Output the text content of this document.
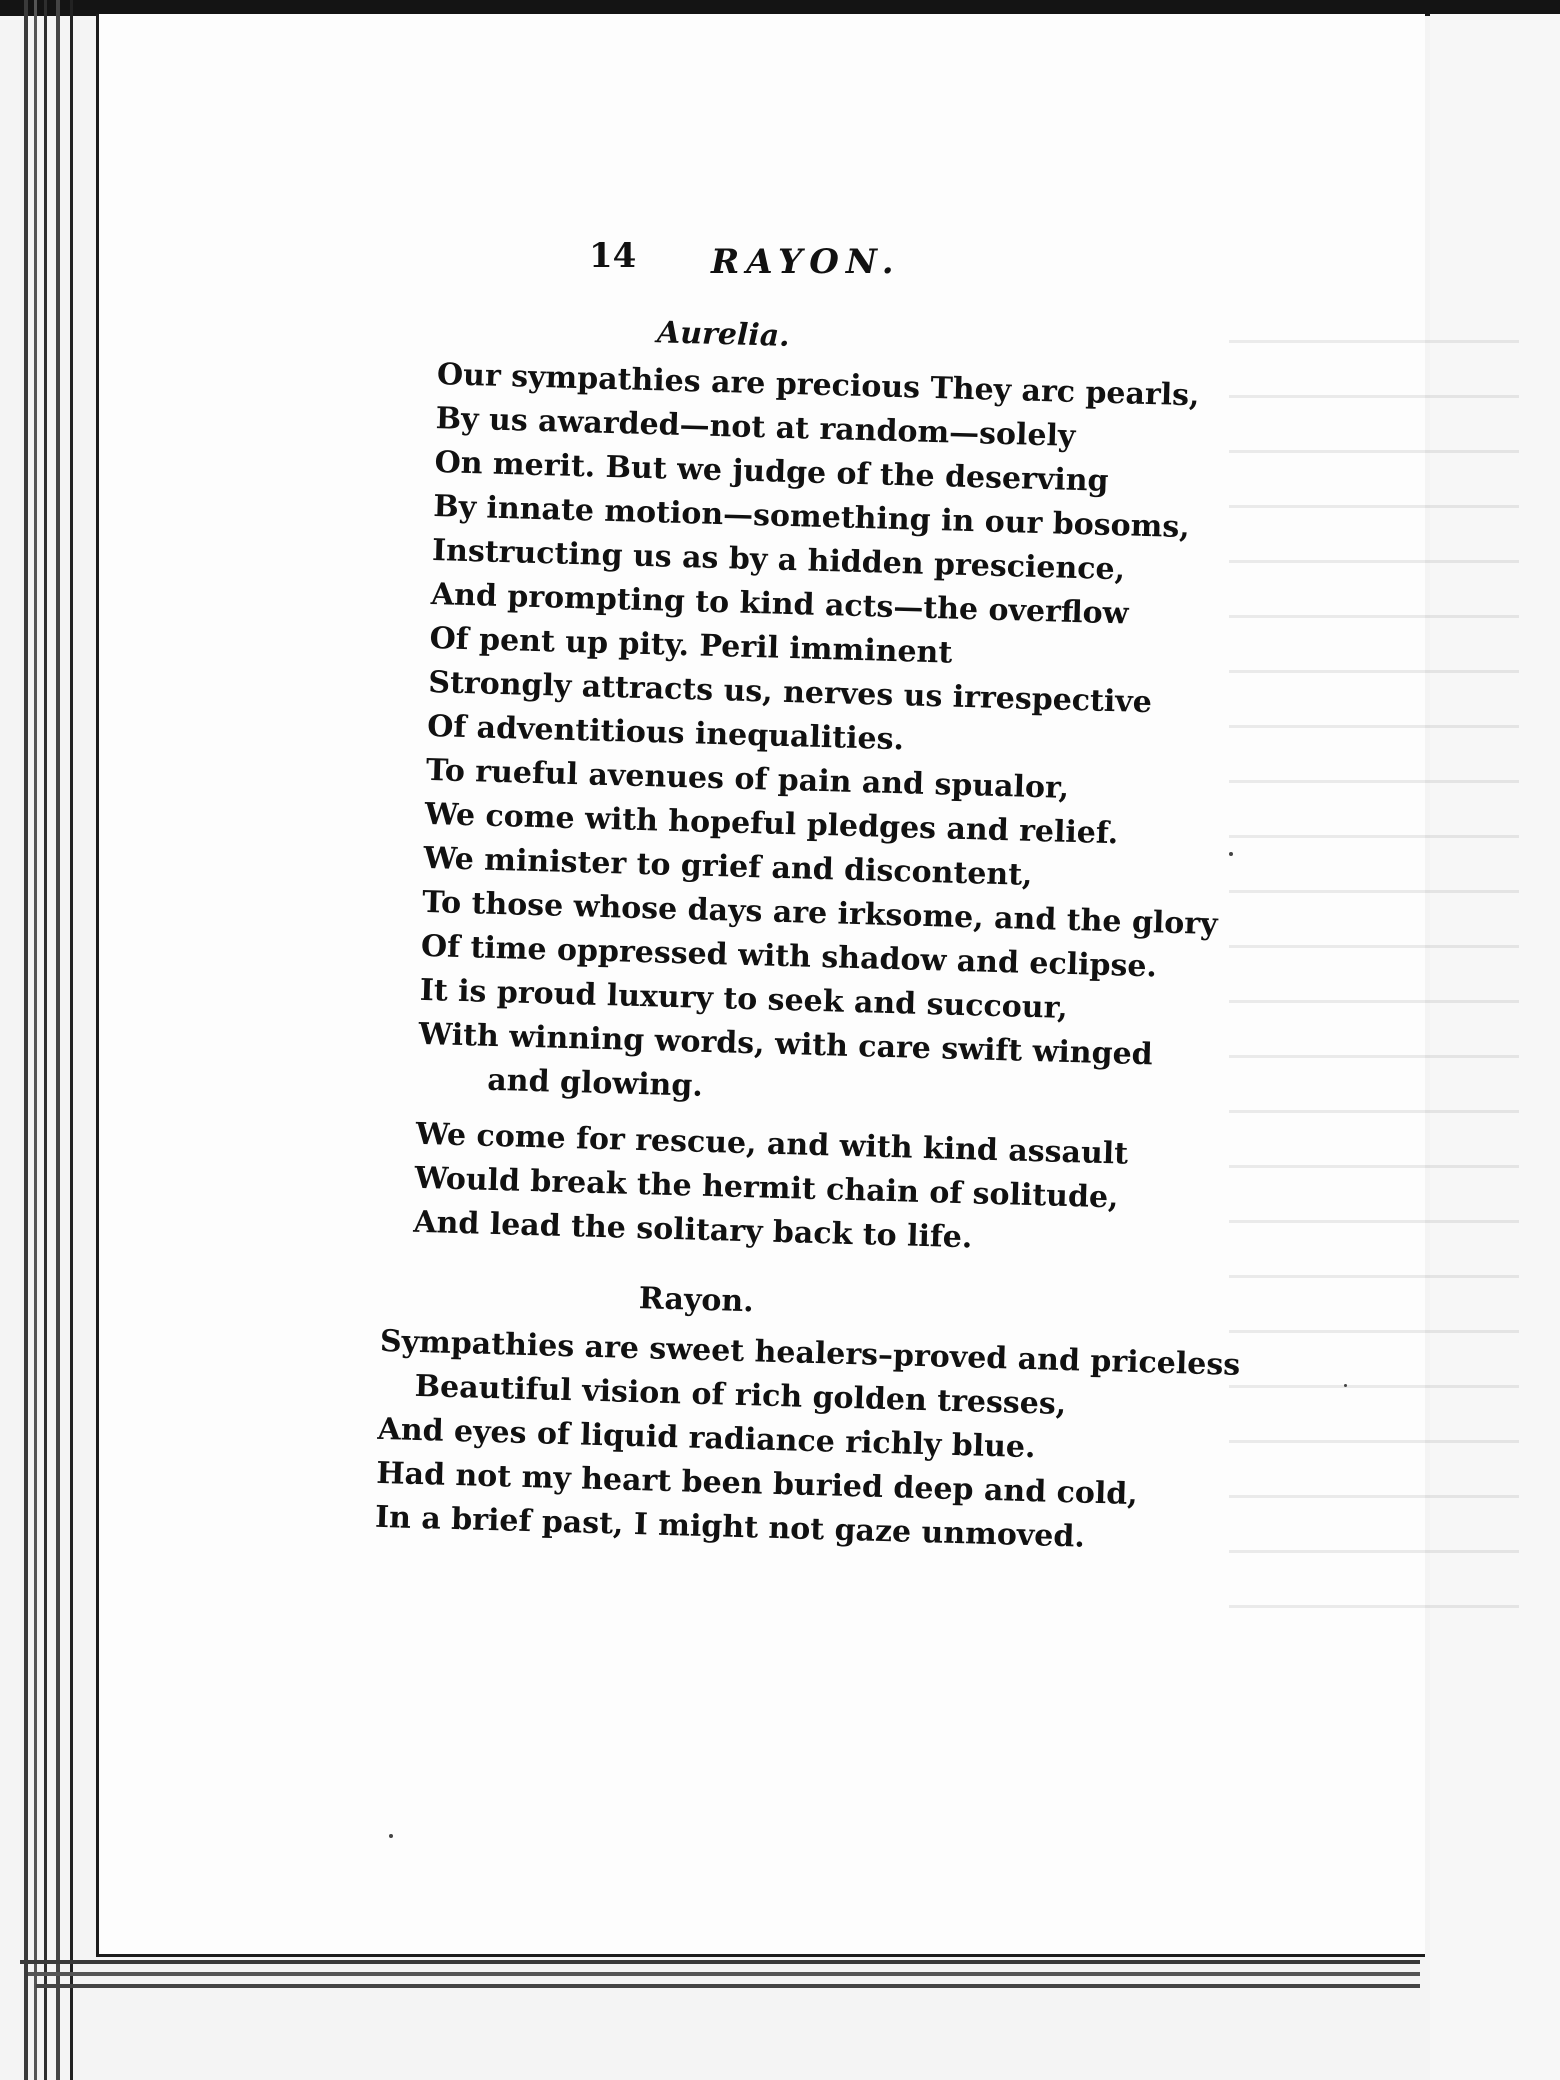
14 RAYON.
Aurelia.
Our sympathies are precious They arc pearls,
By us awarded—not at random—solely
On merit. But we judge of the deserving
By innate motion—something in our bosoms,
Instructing us as by a hidden prescience,
And prompting to kind acts—the overflow
Of pent up pity. Peril imminent
Strongly attracts us, nerves us irrespective
Of adventitious inequalities.
To rueful avenues of pain and spualor,
We come with hopeful pledges and relief.
We minister to grief and discontent,
To those whose days are irksome, and the glory
Of time oppressed with shadow and eclipse.
It is proud luxury to seek and succour,
With winning words, with care swift winged
and glowing.
We come for rescue, and with kind assault
Would break the hermit chain of solitude,
And lead the solitary back to life.
Rayon.
Sympathies are sweet healers–proved and priceless
Beautiful vision of rich golden tresses,
And eyes of liquid radiance richly blue.
Had not my heart been buried deep and cold,
In a brief past, I might not gaze unmoved.
